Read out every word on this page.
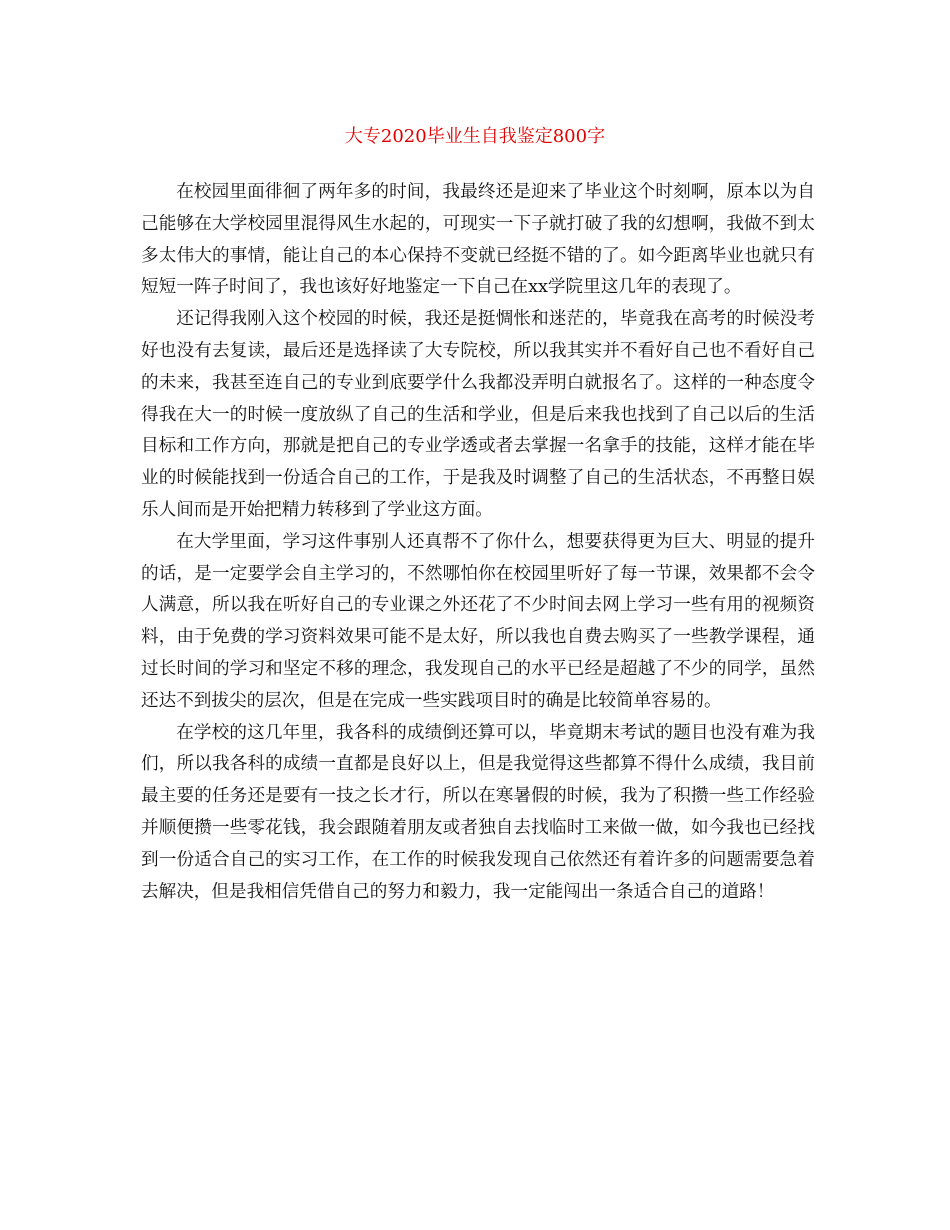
大专2020毕业生自我鉴定800字

在校园里面徘徊了两年多的时间，我最终还是迎来了毕业这个时刻啊，原本以为自己能够在大学校园里混得风生水起的，可现实一下子就打破了我的幻想啊，我做不到太多太伟大的事情，能让自己的本心保持不变就已经挺不错的了。如今距离毕业也就只有短短一阵子时间了，我也该好好地鉴定一下自己在xx学院里这几年的表现了。

还记得我刚入这个校园的时候，我还是挺惆怅和迷茫的，毕竟我在高考的时候没考好也没有去复读，最后还是选择读了大专院校，所以我其实并不看好自己也不看好自己的未来，我甚至连自己的专业到底要学什么我都没弄明白就报名了。这样的一种态度令得我在大一的时候一度放纵了自己的生活和学业，但是后来我也找到了自己以后的生活目标和工作方向，那就是把自己的专业学透或者去掌握一名拿手的技能，这样才能在毕业的时候能找到一份适合自己的工作，于是我及时调整了自己的生活状态，不再整日娱乐人间而是开始把精力转移到了学业这方面。

在大学里面，学习这件事别人还真帮不了你什么，想要获得更为巨大、明显的提升的话，是一定要学会自主学习的，不然哪怕你在校园里听好了每一节课，效果都不会令人满意，所以我在听好自己的专业课之外还花了不少时间去网上学习一些有用的视频资料，由于免费的学习资料效果可能不是太好，所以我也自费去购买了一些教学课程，通过长时间的学习和坚定不移的理念，我发现自己的水平已经是超越了不少的同学，虽然还达不到拔尖的层次，但是在完成一些实践项目时的确是比较简单容易的。

在学校的这几年里，我各科的成绩倒还算可以，毕竟期末考试的题目也没有难为我们，所以我各科的成绩一直都是良好以上，但是我觉得这些都算不得什么成绩，我目前最主要的任务还是要有一技之长才行，所以在寒暑假的时候，我为了积攒一些工作经验并顺便攒一些零花钱，我会跟随着朋友或者独自去找临时工来做一做，如今我也已经找到一份适合自己的实习工作，在工作的时候我发现自己依然还有着许多的问题需要急着去解决，但是我相信凭借自己的努力和毅力，我一定能闯出一条适合自己的道路！
